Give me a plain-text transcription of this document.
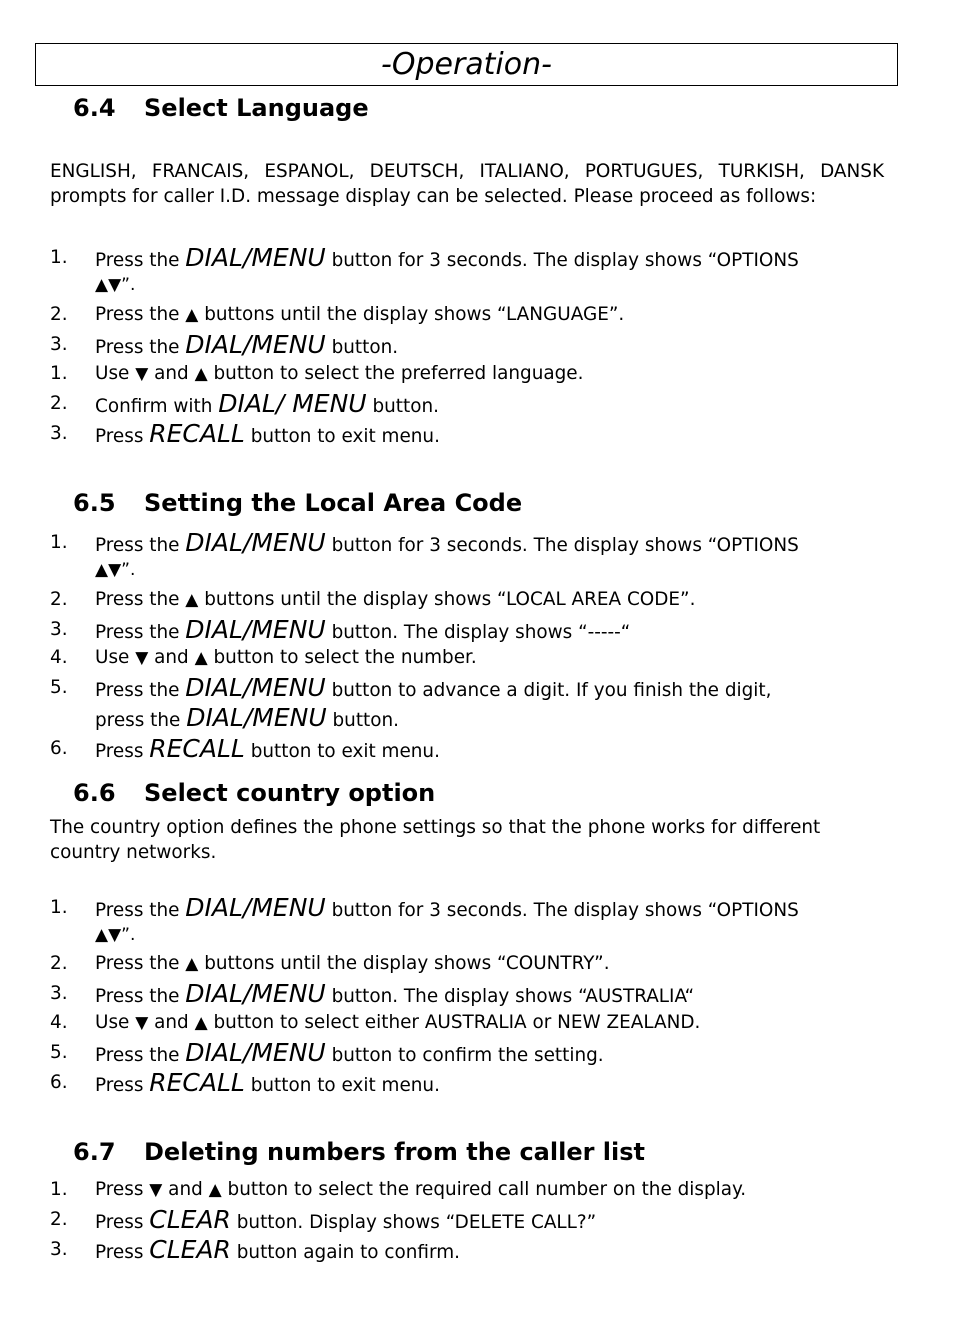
-Operation-
6.4 Select Language

ENGLISH, FRANCAIS, ESPANOL, DEUTSCH, ITALIANO, PORTUGUES, TURKISH, DANSK prompts for caller I.D. message display can be selected. Please proceed as follows:

1. Press the DIAL/MENU button for 3 seconds. The display shows “OPTIONS
▲▼”.
2. Press the ▲ buttons until the display shows “LANGUAGE”.
3. Press the DIAL/MENU button.
1. Use ▼ and ▲ button to select the preferred language.
2. Confirm with DIAL/ MENU button.
3. Press RECALL button to exit menu.
6.5 Setting the Local Area Code
1. Press the DIAL/MENU button for 3 seconds. The display shows “OPTIONS
▲▼”.
2. Press the ▲ buttons until the display shows “LOCAL AREA CODE”.
3. Press the DIAL/MENU button. The display shows “-----“
4. Use ▼ and ▲ button to select the number.
5. Press the DIAL/MENU button to advance a digit. If you finish the digit,
press the DIAL/MENU button.
6. Press RECALL button to exit menu.
6.6 Select country option

The country option defines the phone settings so that the phone works for different country networks.

1. Press the DIAL/MENU button for 3 seconds. The display shows “OPTIONS
▲▼”.
2. Press the ▲ buttons until the display shows “COUNTRY”.
3. Press the DIAL/MENU button. The display shows “AUSTRALIA“
4. Use ▼ and ▲ button to select either AUSTRALIA or NEW ZEALAND.
5. Press the DIAL/MENU button to confirm the setting.
6. Press RECALL button to exit menu.
6.7 Deleting numbers from the caller list
1. Press ▼ and ▲ button to select the required call number on the display.
2. Press CLEAR button. Display shows “DELETE CALL?”
3. Press CLEAR button again to confirm.
